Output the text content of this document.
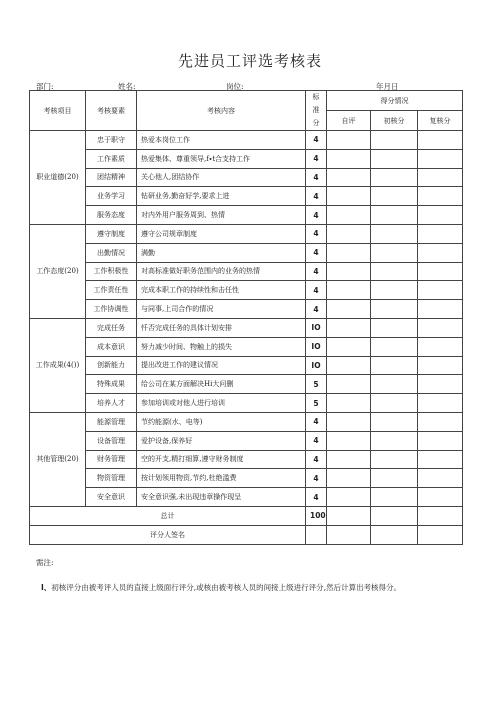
先进员工评选考核表
部门:	姓名:	岗位:	年月日
考核项目	考核要素	考核内容	标
准
分	得分情况		
				自评	初核分	复核分
职业道德(20)	忠于职守	热爱本岗位工作	4			
	工作素质	热爱集体、尊重领导,f∙t合支持工作	4			
	团结精神	关心他人,团结协作	4			
	业务学习	钻研业务,勤奋好学,要求上进	4			
	服务态度	对内外用户服务周到、热情	4			
工作态度(20)	遵守制度	遵守公司规章制度	4			
	出勤情况	满勤	4			
	工作积极性	对高标准做好职务范围内的业务的热情	4			
	工作责任性	完成本职工作的持续性和击任性	4			
	工作协调性	与同事,上司合作的情况	4			
工作成果(4())	完成任务	忏否完成任务的具体计划安排	IO			
	成本意识	努力减少时间、物触上的损失	IO			
	创新能力	提出改进工作的建议情况	IO			
	特殊成果	给公司在某方面解决Hi大问删	5			
	培养人才	参加培训或对他人进行培训	5			
其他管理(20)	能源管理	节约能源(水、电等)	4			
	设备管理	爱护设备,保养好	4			
	财务管理	空的开支,精打细算,遵守财务制度	4			
	物资管理	按计划领用物资,节约,杜绝滥费	4			
	安全意识	安全意识强,未出现违章操作现呈	4			
总计			100			
评分人签名						
需注:
I、初核评分由被考评人员的直接上级面行评分,或核由被考核人员的间接上级进行评分,然后计算出考核得分。
